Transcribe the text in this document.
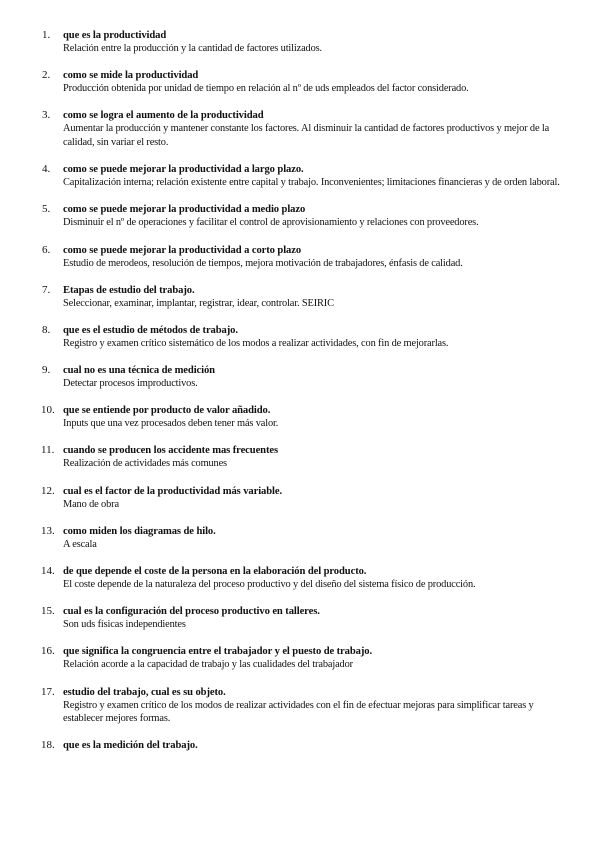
1.	que es la productividad
Relación entre la producción y la cantidad de factores utilizados.
2.	como se mide la productividad
Producción obtenida por unidad de tiempo en relación al nº de uds empleados del factor considerado.
3.	como se logra el aumento de la productividad
Aumentar la producción y mantener constante los factores. Al disminuir la cantidad de factores productivos y mejor de la calidad, sin variar el resto.
4.	como se puede mejorar la productividad a largo plazo.
Capitalización interna; relación existente entre capital y trabajo. Inconvenientes; limitaciones financieras y de orden laboral.
5.	como se puede mejorar la productividad a medio plazo
Disminuir el nº de operaciones y facilitar el control de aprovisionamiento y relaciones con proveedores.
6.	como se puede mejorar la productividad a corto plazo
Estudio de merodeos, resolución de tiempos, mejora motivación de trabajadores, énfasis de calidad.
7.	Etapas de estudio del trabajo.
Seleccionar, examinar, implantar, registrar, idear, controlar. SEIRIC
8.	que es el estudio de métodos de trabajo.
Registro y examen crítico sistemático de los modos a realizar actividades, con fin de mejorarlas.
9.	cual no es una técnica de medición
Detectar procesos improductivos.
10. que se entiende por producto de valor añadido.
Inputs que una vez procesados deben tener más valor.
11. cuando se producen los accidente mas frecuentes
Realización de actividades más comunes
12. cual es el factor de la productividad más variable.
Mano de obra
13. como miden los diagramas de hilo.
A escala
14. de que depende el coste de la persona en la elaboración del producto.
El coste depende de la naturaleza del proceso productivo y del diseño del sistema físico de producción.
15. cual es la configuración del proceso productivo en talleres.
Son uds físicas independientes
16. que significa la congruencia entre el trabajador y el puesto de trabajo.
Relación acorde a la capacidad de trabajo y las cualidades del trabajador
17. estudio del trabajo, cual es su objeto.
Registro y examen crítico de los modos de realizar actividades con el fin de efectuar mejoras para simplificar tareas y establecer mejores formas.
18. que es la medición del trabajo.
